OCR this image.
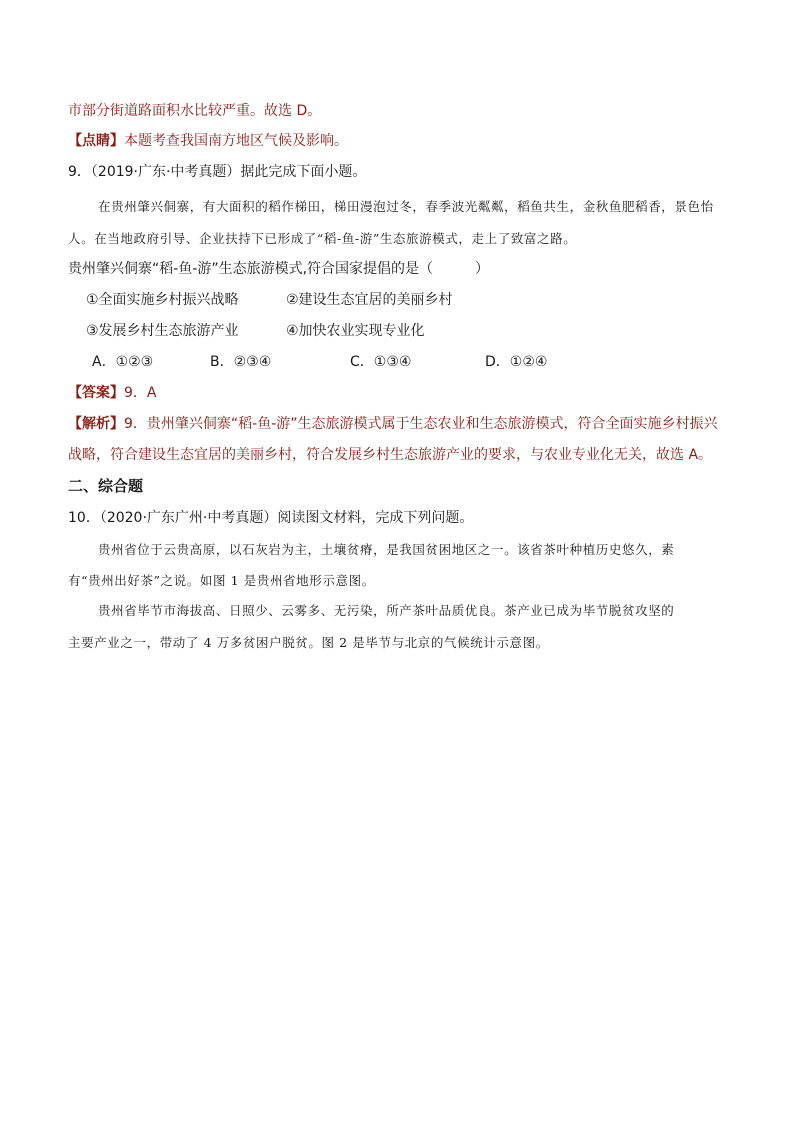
市部分街道路面积水比较严重。故选 D。
【点睛】本题考查我国南方地区气候及影响。
9．（2019·广东·中考真题）据此完成下面小题。
在贵州肇兴侗寨，有大面积的稻作梯田，梯田漫泡过冬，春季波光粼粼，稻鱼共生，金秋鱼肥稻香，景色怡
人。在当地政府引导、企业扶持下已形成了“稻-鱼-游”生态旅游模式，走上了致富之路。
贵州肇兴侗寨“稻-鱼-游”生态旅游模式,符合国家提倡的是（　　　）
①全面实施乡村振兴战略	②建设生态宜居的美丽乡村
③发展乡村生态旅游产业	④加快农业实现专业化
A．①②③	B．②③④	C．①③④	D．①②④
【答案】9．A
【解析】9．贵州肇兴侗寨“稻-鱼-游”生态旅游模式属于生态农业和生态旅游模式，符合全面实施乡村振兴
战略，符合建设生态宜居的美丽乡村，符合发展乡村生态旅游产业的要求，与农业专业化无关，故选 A。
二、综合题
10．（2020·广东广州·中考真题）阅读图文材料，完成下列问题。
贵州省位于云贵高原，以石灰岩为主，土壤贫瘠，是我国贫困地区之一。该省茶叶种植历史悠久，素
有“贵州出好茶”之说。如图 1 是贵州省地形示意图。
贵州省毕节市海拔高、日照少、云雾多、无污染，所产茶叶品质优良。茶产业已成为毕节脱贫攻坚的
主要产业之一，带动了 4 万多贫困户脱贫。图 2 是毕节与北京的气候统计示意图。
